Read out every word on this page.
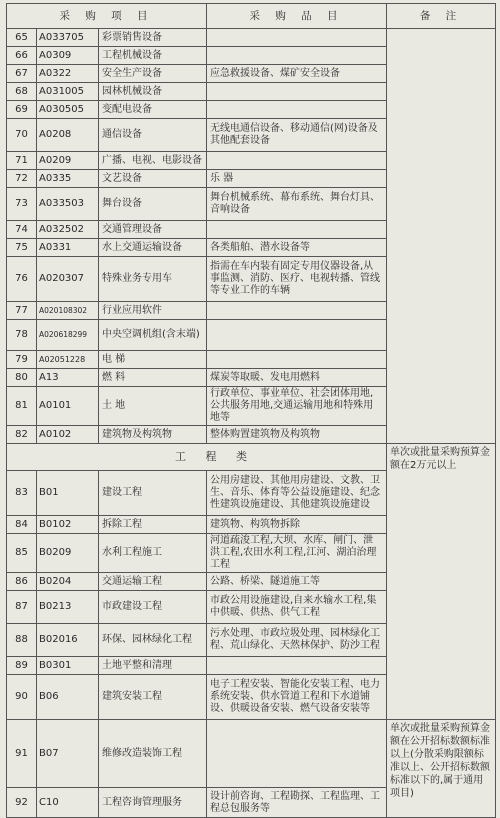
采 购 项 目			采 购 品 目	备 注
65	A033705	彩票销售设备		
66	A0309	工程机械设备		
67	A0322	安全生产设备	应急救援设备、煤矿安全设备	
68	A031005	园林机械设备		
69	A030505	变配电设备		
70	A0208	通信设备	无线电通信设备、移动通信(网)设备及其他配套设备	
71	A0209	广播、电视、电影设备		
72	A0335	文艺设备	乐 器	
73	A033503	舞台设备	舞台机械系统、幕布系统、舞台灯具、音响设备	
74	A032502	交通管理设备		
75	A0331	水上交通运输设备	各类船舶、潜水设备等	
76	A020307	特殊业务专用车	指需在车内装有固定专用仪器设备,从事监测、消防、医疗、电视转播、管线等专业工作的车辆	
77	A020108302	行业应用软件		
78	A020618299	中央空调机组(含末端)		
79	A02051228	电 梯		
80	A13	燃 料	煤炭等取暖、发电用燃料	
81	A0101	土 地	行政单位、事业单位、社会团体用地,公共服务用地,交通运输用地和特殊用地等	
82	A0102	建筑物及构筑物	整体购置建筑物及构筑物	
工 程 类				单次或批量采购预算金额在2万元以上
83	B01	建设工程	公用房建设、其他用房建设、文教、卫生、音乐、体育等公益设施建设、纪念性建筑设施建设、其他建筑设施建设	
84	B0102	拆除工程	建筑物、构筑物拆除	
85	B0209	水利工程施工	河道疏浚工程,大坝、水库、闸门、泄洪工程,农田水利工程,江河、湖泊治理工程	
86	B0204	交通运输工程	公路、桥梁、隧道施工等	
87	B0213	市政建设工程	市政公用设施建设,自来水输水工程,集中供暖、供热、供气工程	
88	B02016	环保、园林绿化工程	污水处理、市政垃圾处理、园林绿化工程、荒山绿化、天然林保护、防沙工程	
89	B0301	土地平整和清理		
90	B06	建筑安装工程	电子工程安装、智能化安装工程、电力系统安装、供水管道工程和下水道铺设、供暖设备安装、燃气设备安装等	
91	B07	维修改造装饰工程		单次或批量采购预算金额在公开招标数额标准以上(分散采购限额标准以上、公开招标数额标准以下的,属于通用项目)
92	C10	工程咨询管理服务	设计前咨询、工程勘探、工程监理、工程总包服务等	
